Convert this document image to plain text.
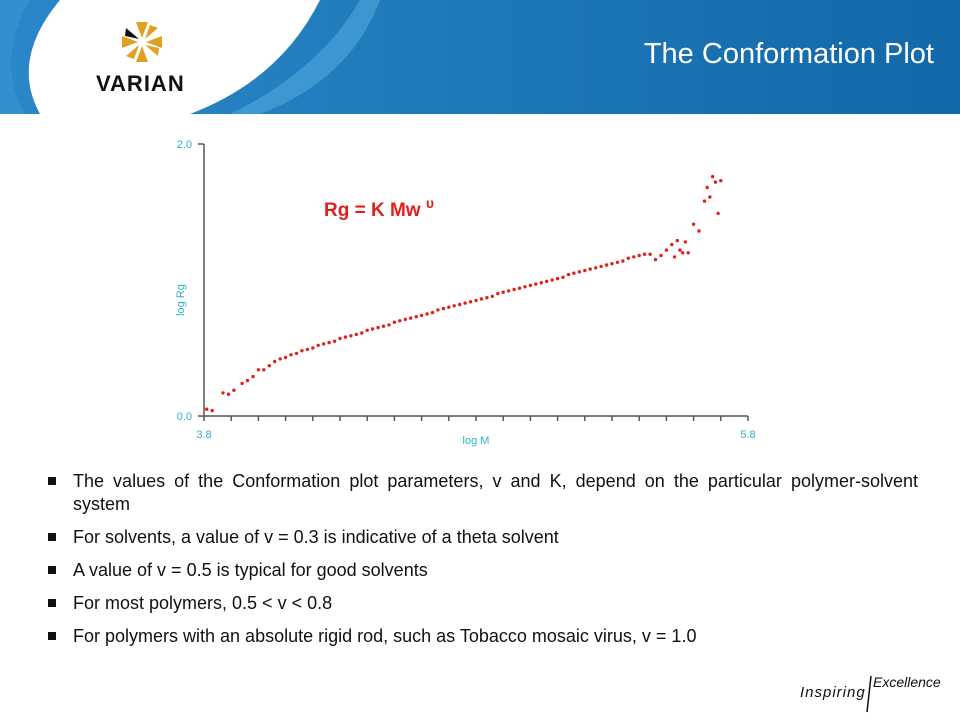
VARIAN
The Conformation Plot
2.0
0.0
3.8	5.8
log M
log Rg
Rg = K Mw $^\upsilon$
The values of the Conformation plot parameters, v and K, depend on the particular polymer-solvent system
For solvents, a value of v = 0.3 is indicative of a theta solvent
A value of v = 0.5 is typical for good solvents
For most polymers, 0.5 < v < 0.8
For polymers with an absolute rigid rod, such as Tobacco mosaic virus, v = 1.0
Inspiring
Excellence
